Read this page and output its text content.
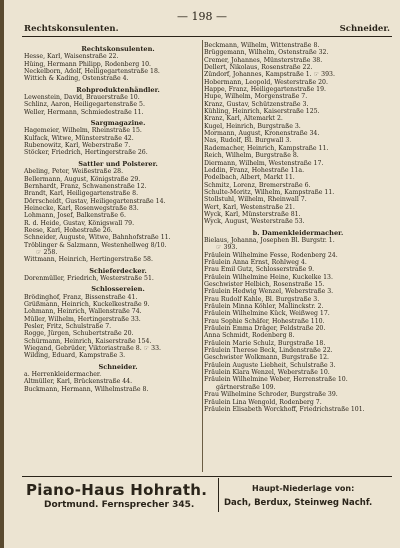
— 198 —
Rechtskonsulenten.	Schneider.
Rechtskonsulenten.
Hesse, Karl, Waisenstraße 22.
Hüing, Hermann Philipp, Rodenberg 10.
Neckelborn, Adolf, Heiligegartenstraße 18.
Wittich & Kading, Ostenstraße 4.
Rohproduktenhändler.
Lewenstein, David, Brauerstraße 10.
Schlinz, Aaron, Heiligegartenstraße 5.
Weller, Hermann, Schmiedestraße 11.
Sargmagazine.
Hagemeier, Wilhelm, Rheinstraße 15.
Kulfack, Witwe, Münsterstraße 42.
Rubenowitz, Karl, Weberstraße 7.
Stöcker, Friedrich, Hertingerstraße 26.
Sattler und Polsterer.
Abeling, Peter, Weißestraße 28.
Bellermann, August, Königstraße 29.
Bernhardt, Franz, Schwanenstraße 12.
Brandt, Karl, Heiligegartenstraße 8.
Dörrscheidt, Gustav, Heiligegartenstraße 14.
Heinecke, Karl, Rosenwegstraße 83.
Lohmann, Josef, Balkenstraße 6.
R. d. Heide, Gustav, Königswall 79.
Reese, Karl, Hohestraße 26.
Schneider, Auguste, Witwe, Bahnhofstraße 11.
Tröblinger & Salzmann, Westenhellweg 8/10.
☞ 258.
Wittmann, Heinrich, Hertingerstraße 58.
Schieferdecker.
Dorenmüller, Friedrich, Westerstraße 51.
Schlossereien.
Brödinghof, Franz, Bissenstraße 41.
Grüßmann, Heinrich, Kuckelkestraße 9.
Lohmann, Heinrich, Wallenstraße 74.
Müller, Wilhelm, Hertingerstraße 33.
Pesler, Fritz, Schulstraße 7.
Rogge, Jürgen, Schubertstraße 20.
Schürmann, Heinrich, Kaiserstraße 154.
Wiegand, Gebrüder, Viktoriastraße 8. ☞ 33.
Wilding, Eduard, Kampstraße 3.
Schneider.
a. Herrenkleidermacher.
Altmüller, Karl, Brückenstraße 44.
Buckmann, Hermann, Wilhelmstraße 8.
Beckmann, Wilhelm, Wittenstraße 8.
Brüggemann, Wilhelm, Ostenstraße 32.
Cremer, Johannes, Münsterstraße 38.
Dellert, Nikolaus, Rosenstraße 22.
Zündorf, Johannes, Kampstraße 1. ☞ 393.
Hobermann, Leopold, Westerstraße 20.
Happe, Franz, Heiligegartenstraße 19.
Hupe, Wilhelm, Morgenstraße 7.
Kranz, Gustav, Schützenstraße 3.
Kühling, Heinrich, Kaiserstraße 125.
Kranz, Karl, Altemarkt 2.
Kugel, Heinrich, Burgstraße 3.
Mormann, August, Kronenstraße 34.
Nas, Rudolf, Bl. Burgwall 3.
Rademacher, Heinrich, Kampstraße 11.
Reich, Wilhelm, Burgstraße 8.
Diermann, Wilhelm, Westenstraße 17.
Leddin, Franz, Hohestraße 11a.
Podelbach, Albert, Markt 11.
Schmitz, Lorenz, Bremerstraße 6.
Schulte-Moritz, Wilhelm, Kampstraße 11.
Stollstuhl, Wilhelm, Rheinwall 7.
Wert, Karl, Westenstraße 21.
Wyck, Karl, Münsterstraße 81.
Wyck, August, Westerstraße 53.
b. Damenkleidermacher.
Bielaus, Johanna, Josephen Bl. Burgstr. 1.
☞ 393.
Fräulein Wilhelmine Fesse, Rodenberg 24.
Fräulein Anna Ernst, Rohlweg 4.
Frau Emil Gutz, Schlosserstraße 9.
Fräulein Wilhelmine Heine, Kuckelke 13.
Geschwister Helbich, Rosenstraße 15.
Fräulein Hedwig Wenzel, Weberstraße 3.
Frau Rudolf Kahle, Bl. Burgstraße 3.
Fräulein Minna Köhler, Mallinckstr. 2.
Fräulein Wilhelmine Kück, Weißweg 17.
Frau Sophie Schäfer, Hohestraße 110.
Fräulein Emma Dräger, Feldstraße 20.
Anna Schmidt, Rodenberg 8.
Fräulein Marie Schulz, Burgstraße 18.
Fräulein Therese Beck, Lindenstraße 22.
Geschwister Wolkmann, Burgstraße 12.
Fräulein Auguste Liebheit, Schulstraße 3.
Fräulein Klara Wenzel, Weberstraße 10.
Fräulein Wilhelmine Weber, Herrenstraße 10.
gärtnerstraße 109.
Frau Wilhelmine Schroder, Burgstraße 39.
Fräulein Lina Wengold, Rodenberg 7.
Fräulein Elisabeth Worckhoff, Friedrichstraße 101.
Piano-Haus Hohrath.
Dortmund. Fernsprecher 345.
Haupt-Niederlage von:
Dach, Berdux, Steinweg Nachf.
